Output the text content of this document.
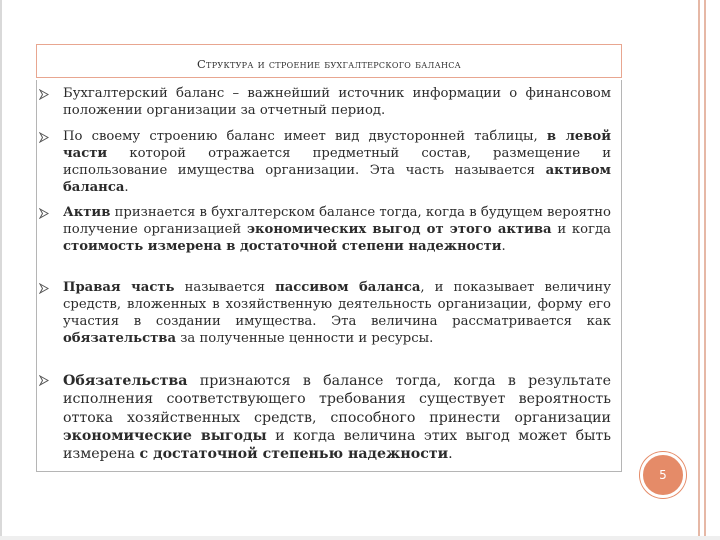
Структура и строение бухгалтерского баланса
Бухгалтерский баланс – важнейший источник информации о финансовом положении организации за отчетный период.
По своему строению баланс имеет вид двусторонней таблицы, в левой части которой отражается предметный состав, размещение и использование имущества организации. Эта часть называется активом баланса.
Актив признается в бухгалтерском балансе тогда, когда в будущем вероятно получение организацией экономических выгод от этого актива и когда стоимость измерена в достаточной степени надежности.
Правая часть называется пассивом баланса, и показывает величину средств, вложенных в хозяйственную деятельность организации, форму его участия в создании имущества. Эта величина рассматривается как обязательства за полученные ценности и ресурсы.
Обязательства признаются в балансе тогда, когда в результате исполнения соответствующего требования существует вероятность оттока хозяйственных средств, способного принести организации экономические выгоды и когда величина этих выгод может быть измерена с достаточной степенью надежности.
5
